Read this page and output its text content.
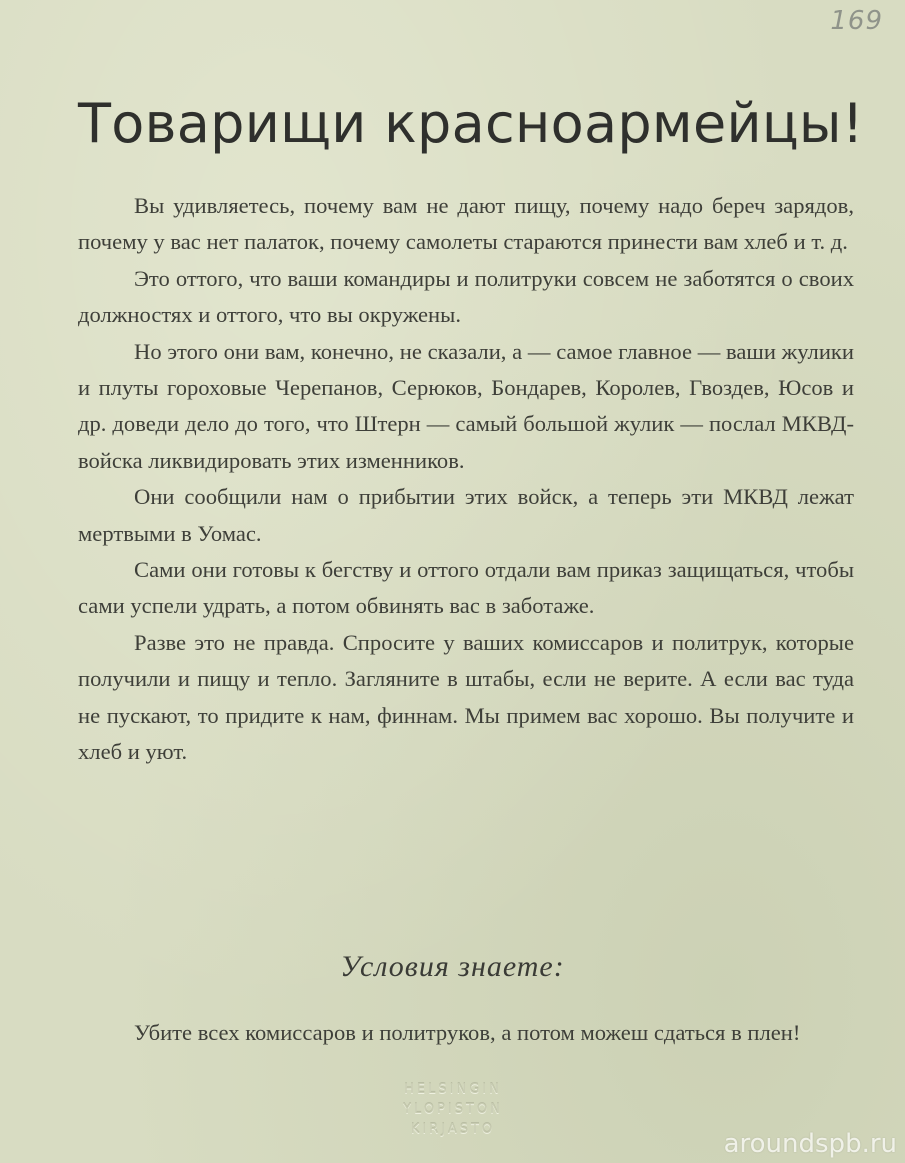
169
Товарищи красноармейцы!

Вы удивляетесь, почему вам не дают пищу, почему надо береч зарядов, почему у вас нет палаток, почему самолеты стараются принести вам хлеб и т. д.

Это оттого, что ваши командиры и политруки совсем не заботятся о своих должностях и оттого, что вы окружены.

Но этого они вам, конечно, не сказали, а — самое главное — ваши жулики и плуты гороховые Черепанов, Серюков, Бондарев, Королев, Гвоздев, Юсов и др. доведи дело до того, что Штерн — самый большой жулик — послал МКВД-войска ликвидировать этих изменников.

Они сообщили нам о прибытии этих войск, а теперь эти МКВД лежат мертвыми в Уомас.

Сами они готовы к бегству и оттого отдали вам приказ защищаться, чтобы сами успели удрать, а потом обвинять вас в заботаже.

Разве это не правда. Спросите у ваших комиссаров и политрук, которые получили и пищу и тепло. Загляните в штабы, если не верите. А если вас туда не пускают, то придите к нам, финнам. Мы примем вас хорошо. Вы получите и хлеб и уют.

Условия знаете:

Убите всех комиссаров и политруков, а потом можеш сдаться в плен!

HELSINGIN
YLOPISTON
KIRJASTO	aroundspb.ru
